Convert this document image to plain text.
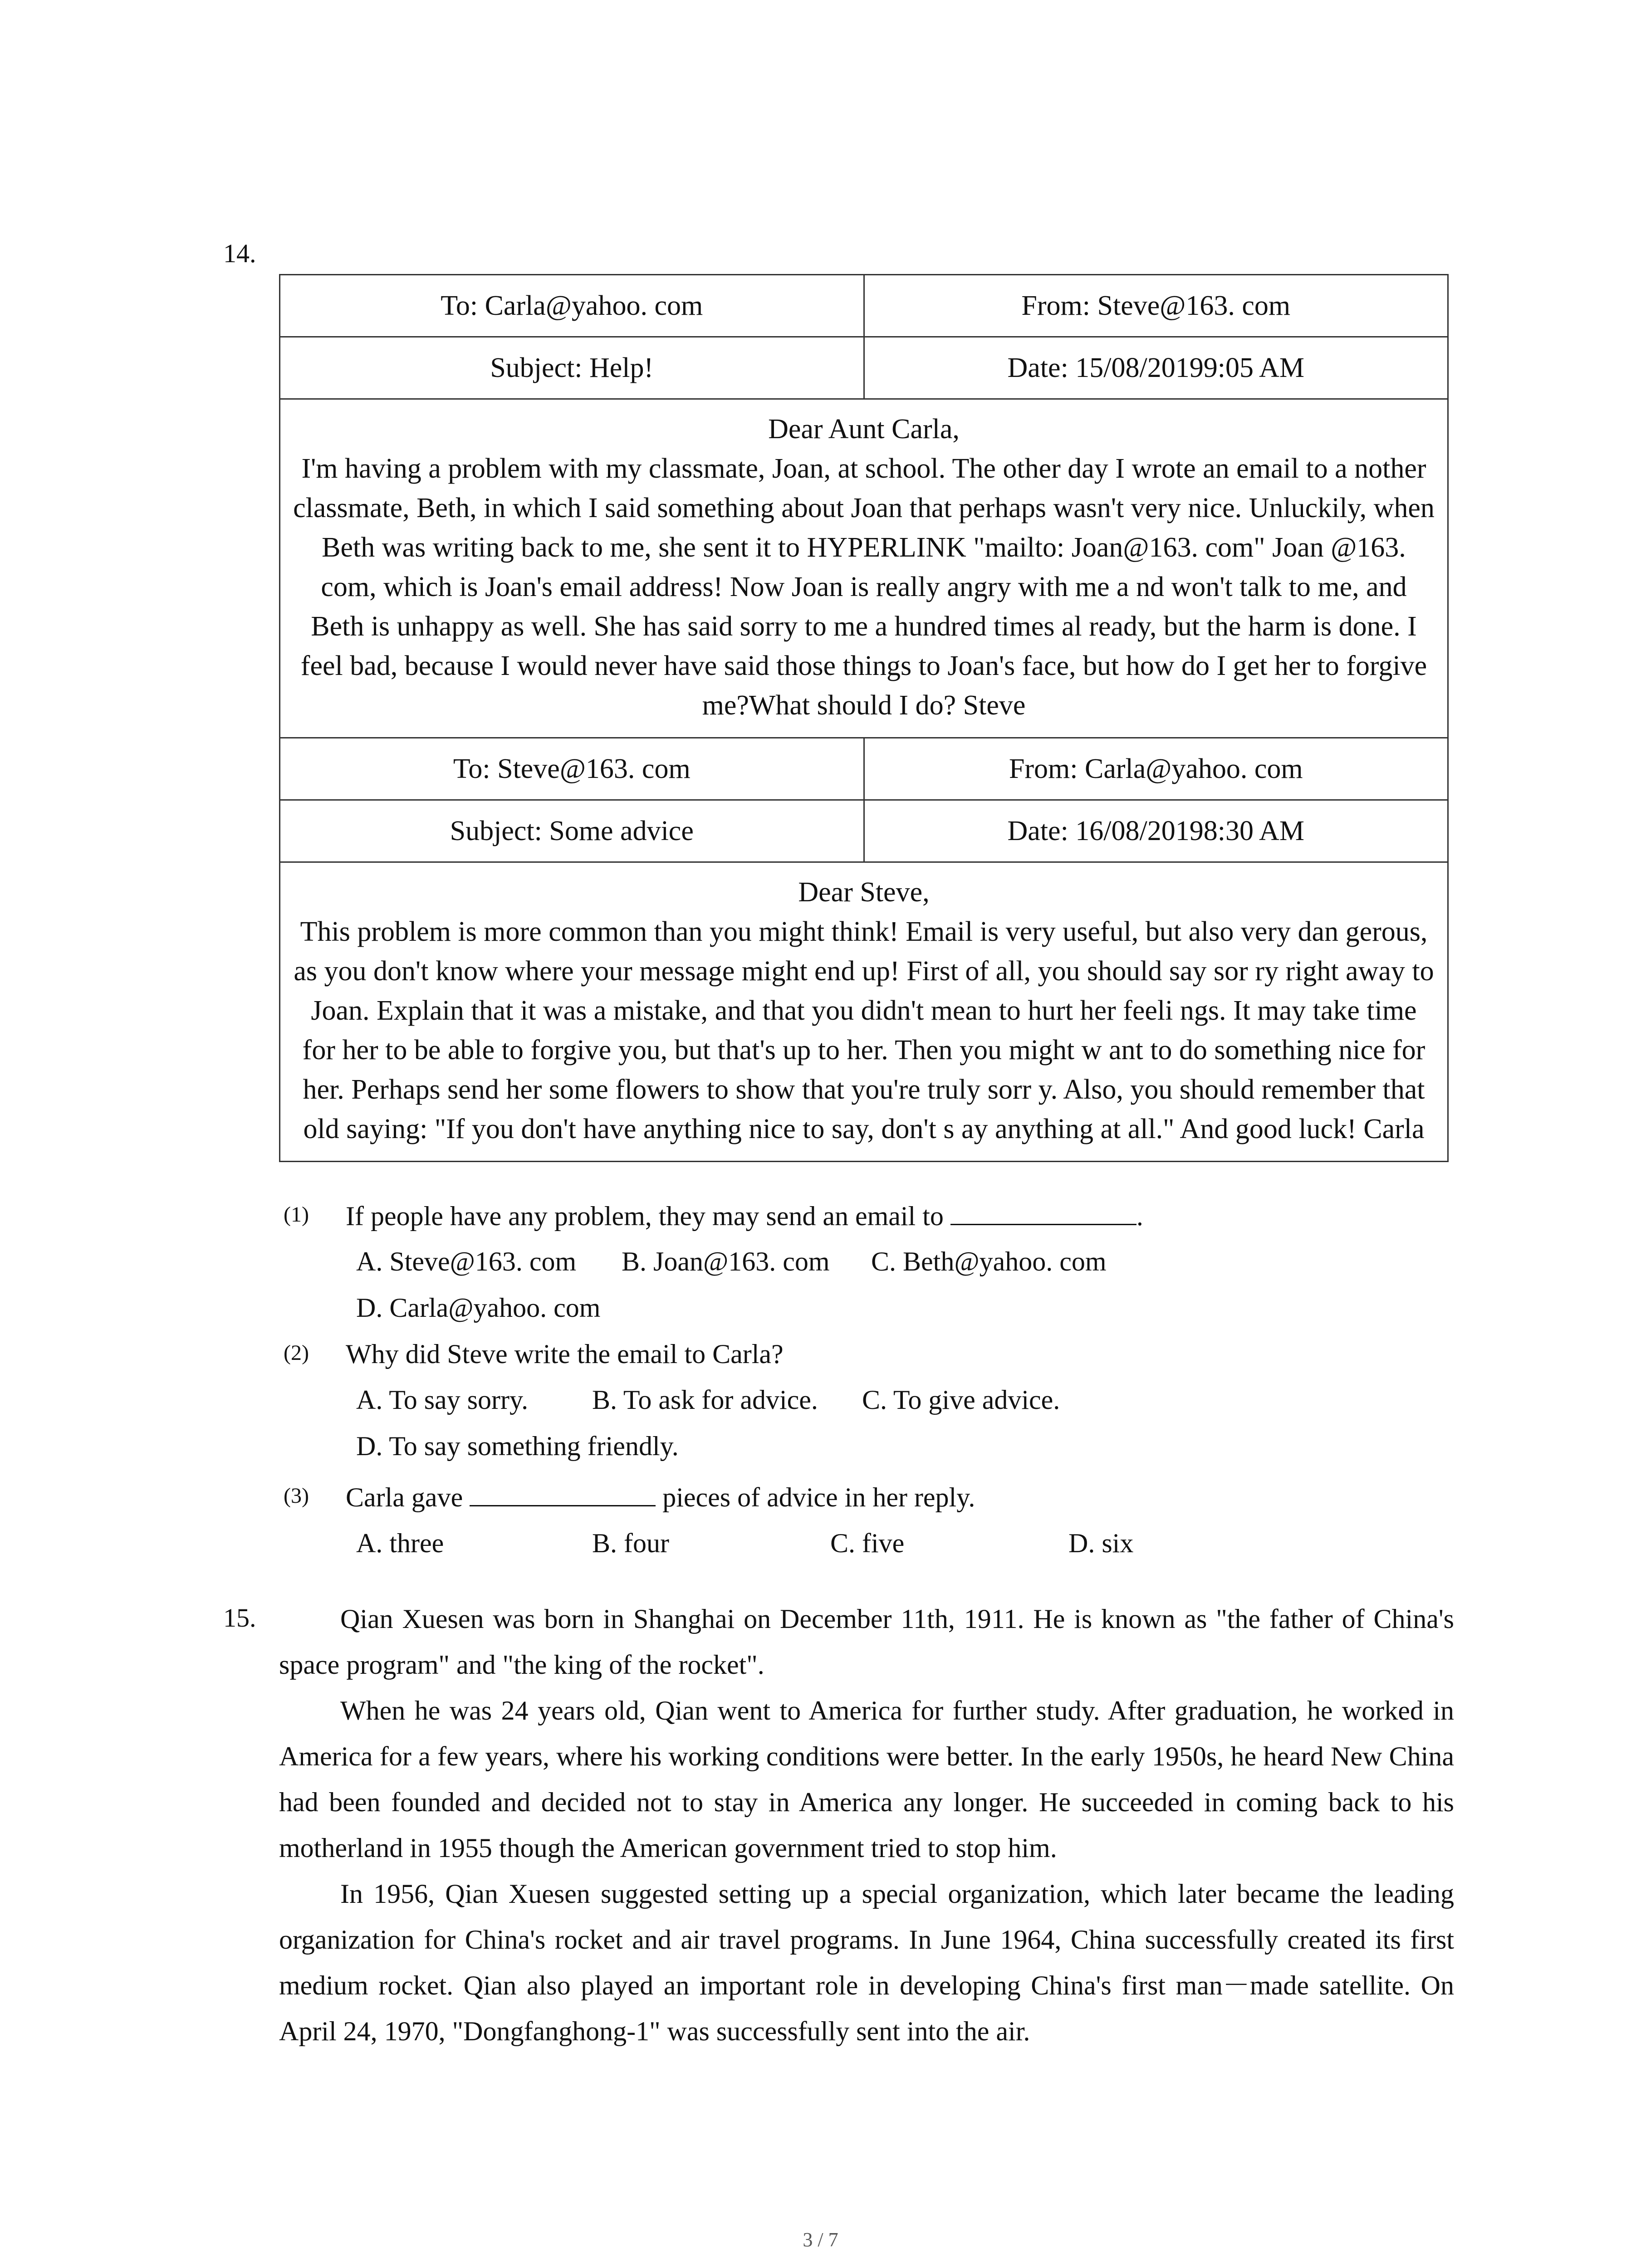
14.
To: Carla@yahoo. com	From: Steve@163. com
Subject: Help!	Date: 15/08/20199:05 AM

Dear Aunt Carla,
I'm having a problem with my classmate, Joan, at school. The other day I wrote an email to a nother classmate, Beth, in which I said something about Joan that perhaps wasn't very nice. Unluckily, when Beth was writing back to me, she sent it to HYPERLINK "mailto: Joan@163. com" Joan @163. com, which is Joan's email address! Now Joan is really angry with me a nd won't talk to me, and Beth is unhappy as well. She has said sorry to me a hundred times al ready, but the harm is done. I feel bad, because I would never have said those things to Joan's face, but how do I get her to forgive me?What should I do? Steve	
To: Steve@163. com	From: Carla@yahoo. com
Subject: Some advice	Date: 16/08/20198:30 AM

Dear Steve,
This problem is more common than you might think! Email is very useful, but also very dan gerous, as you don't know where your message might end up! First of all, you should say sor ry right away to Joan. Explain that it was a mistake, and that you didn't mean to hurt her feeli ngs. It may take time for her to be able to forgive you, but that's up to her. Then you might w ant to do something nice for her. Perhaps send her some flowers to show that you're truly sorr y. Also, you should remember that old saying: "If you don't have anything nice to say, don't s ay anything at all." And good luck! Carla	
(1) If people have any problem, they may send an email to	.
A. Steve@163. com B. Joan@163. com C. Beth@yahoo. com
D. Carla@yahoo. com
(2) Why did Steve write the email to Carla?
A. To say sorry. B. To ask for advice. C. To give advice.
D. To say something friendly.
(3) Carla gave	pieces of advice in her reply.
A. three	B. four	C. five	D. six
15.	Qian Xuesen was born in Shanghai on December 11th, 1911. He is known as "the father of China's space program" and "the king of the rocket".

When he was 24 years old, Qian went to America for further study. After graduation, he worked in America for a few years, where his working conditions were better. In the early 1950s, he heard New China had been founded and decided not to stay in America any longer. He succeeded in coming back to his motherland in 1955 though the American government tried to stop him.

In 1956, Qian Xuesen suggested setting up a special organization, which later became the leading organization for China's rocket and air travel programs. In June 1964, China successfully created its first medium rocket. Qian also played an important role in developing China's first man－made satellite. On April 24, 1970, "Dongfanghong-1" was successfully sent into the air.

3 / 7
